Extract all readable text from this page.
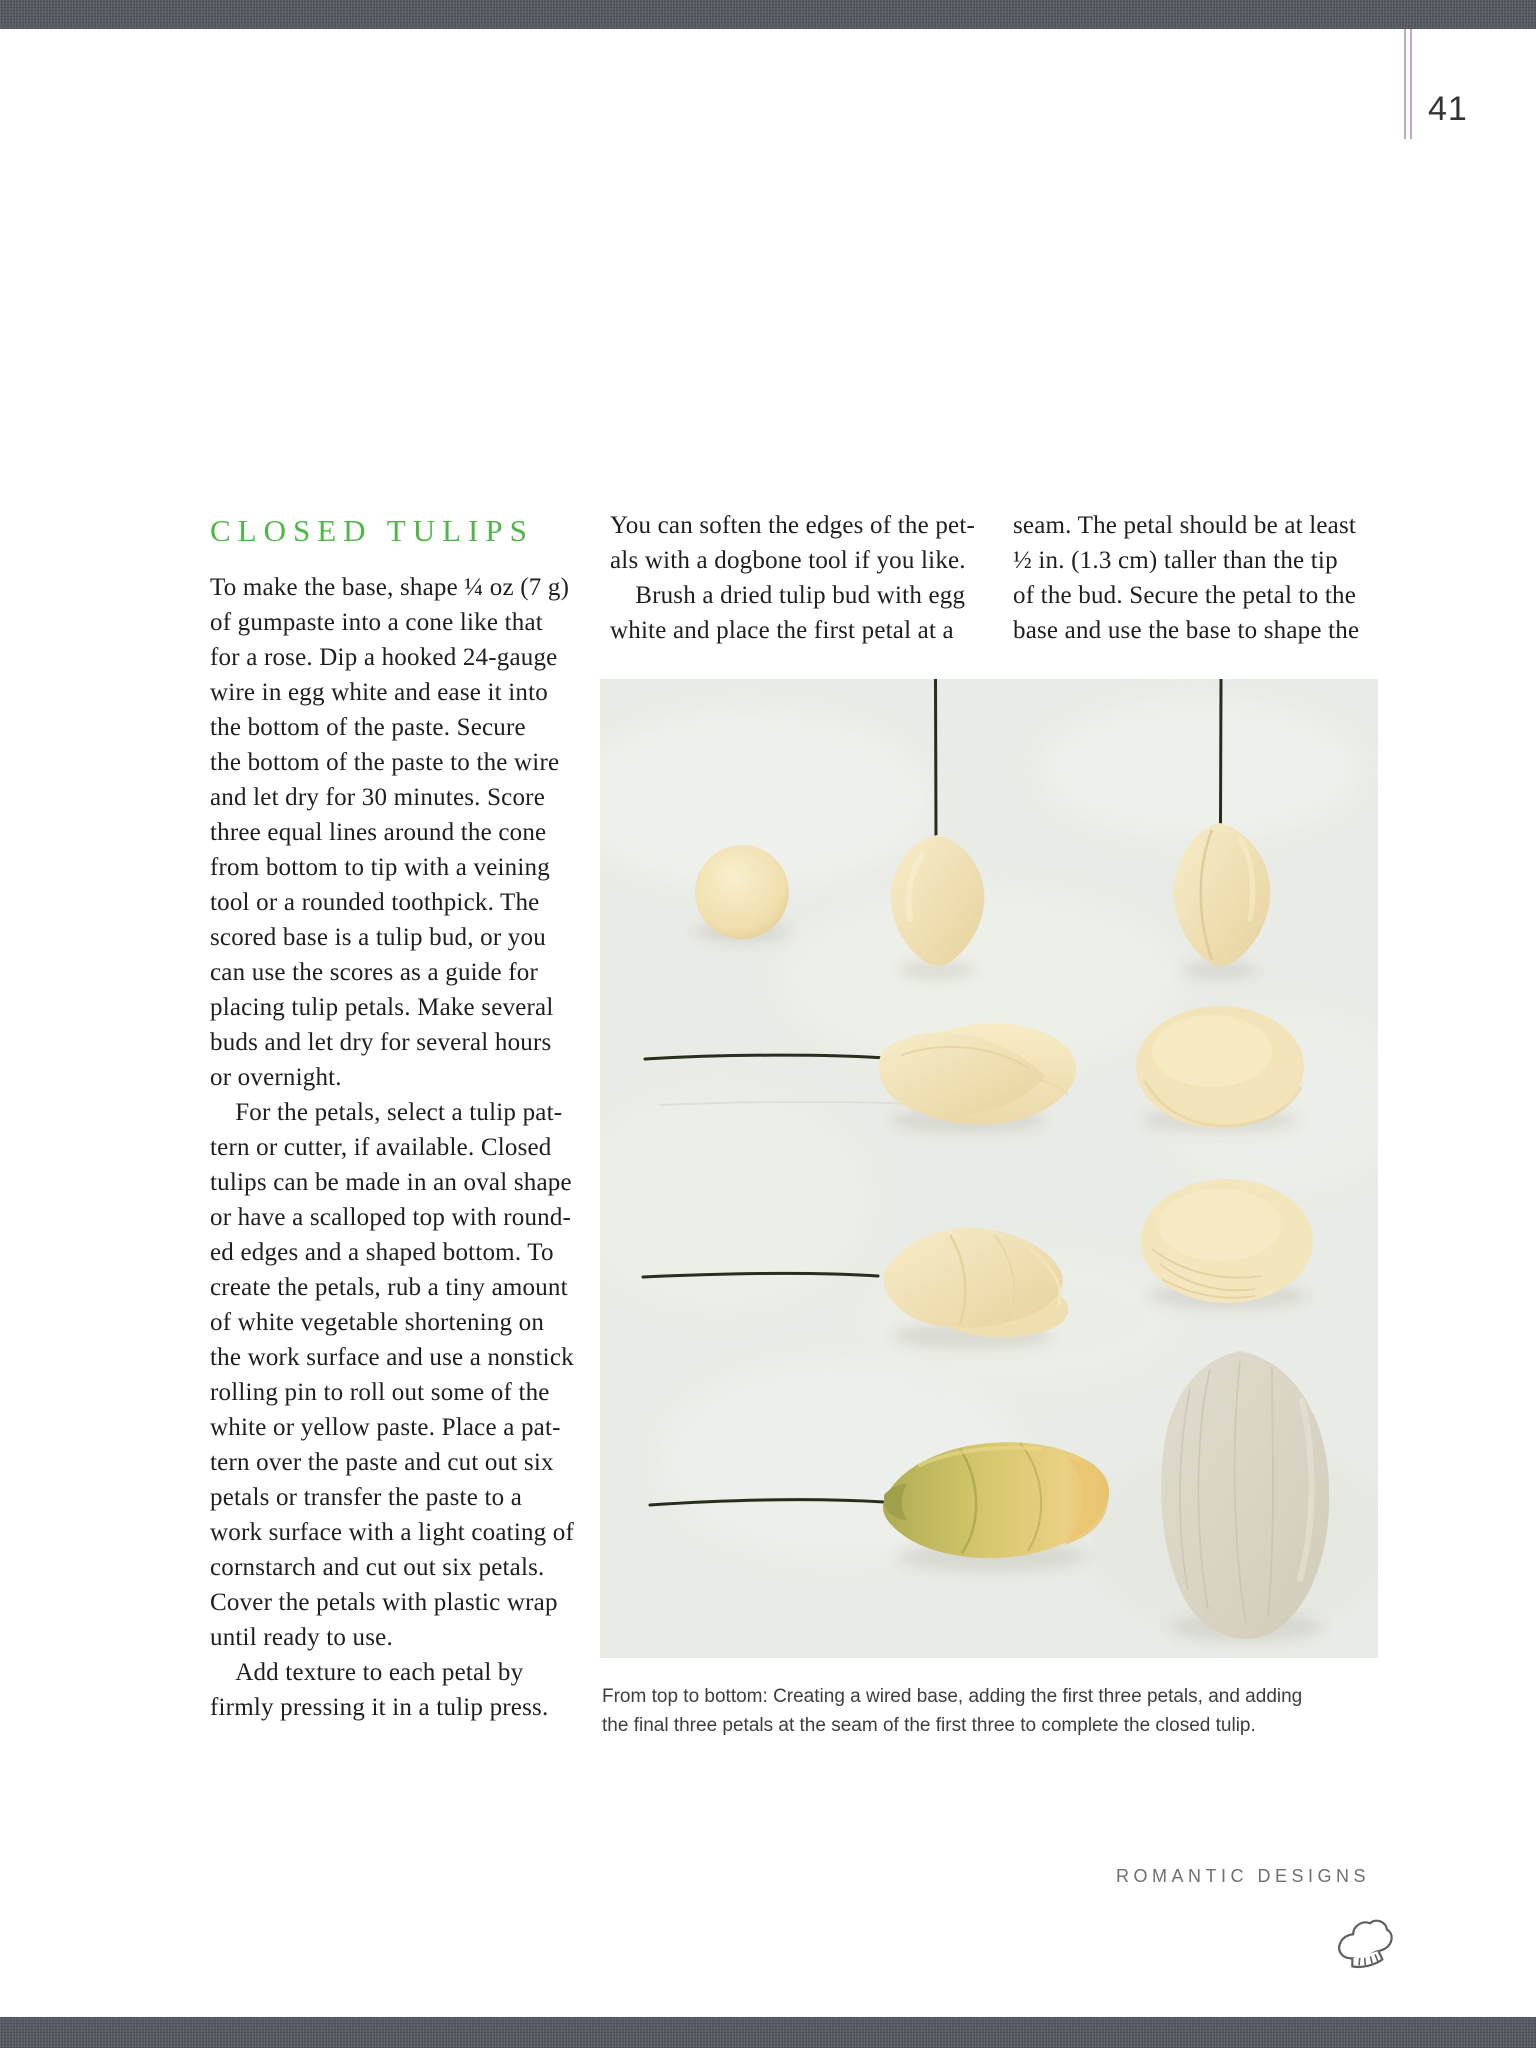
41
CLOSED TULIPS
To make the base, shape ¼ oz (7 g)
of gumpaste into a cone like that
for a rose. Dip a hooked 24-gauge
wire in egg white and ease it into
the bottom of the paste. Secure
the bottom of the paste to the wire
and let dry for 30 minutes. Score
three equal lines around the cone
from bottom to tip with a veining
tool or a rounded toothpick. The
scored base is a tulip bud, or you
can use the scores as a guide for
placing tulip petals. Make several
buds and let dry for several hours
or overnight.
 For the petals, select a tulip pat-
tern or cutter, if available. Closed
tulips can be made in an oval shape
or have a scalloped top with round-
ed edges and a shaped bottom. To
create the petals, rub a tiny amount
of white vegetable shortening on
the work surface and use a nonstick
rolling pin to roll out some of the
white or yellow paste. Place a pat-
tern over the paste and cut out six
petals or transfer the paste to a
work surface with a light coating of
cornstarch and cut out six petals.
Cover the petals with plastic wrap
until ready to use.
 Add texture to each petal by
firmly pressing it in a tulip press.
You can soften the edges of the pet-
als with a dogbone tool if you like.
 Brush a dried tulip bud with egg
white and place the first petal at a
seam. The petal should be at least
½ in. (1.3 cm) taller than the tip
of the bud. Secure the petal to the
base and use the base to shape the
From top to bottom: Creating a wired base, adding the first three petals, and adding
the final three petals at the seam of the first three to complete the closed tulip.
ROMANTIC DESIGNS
